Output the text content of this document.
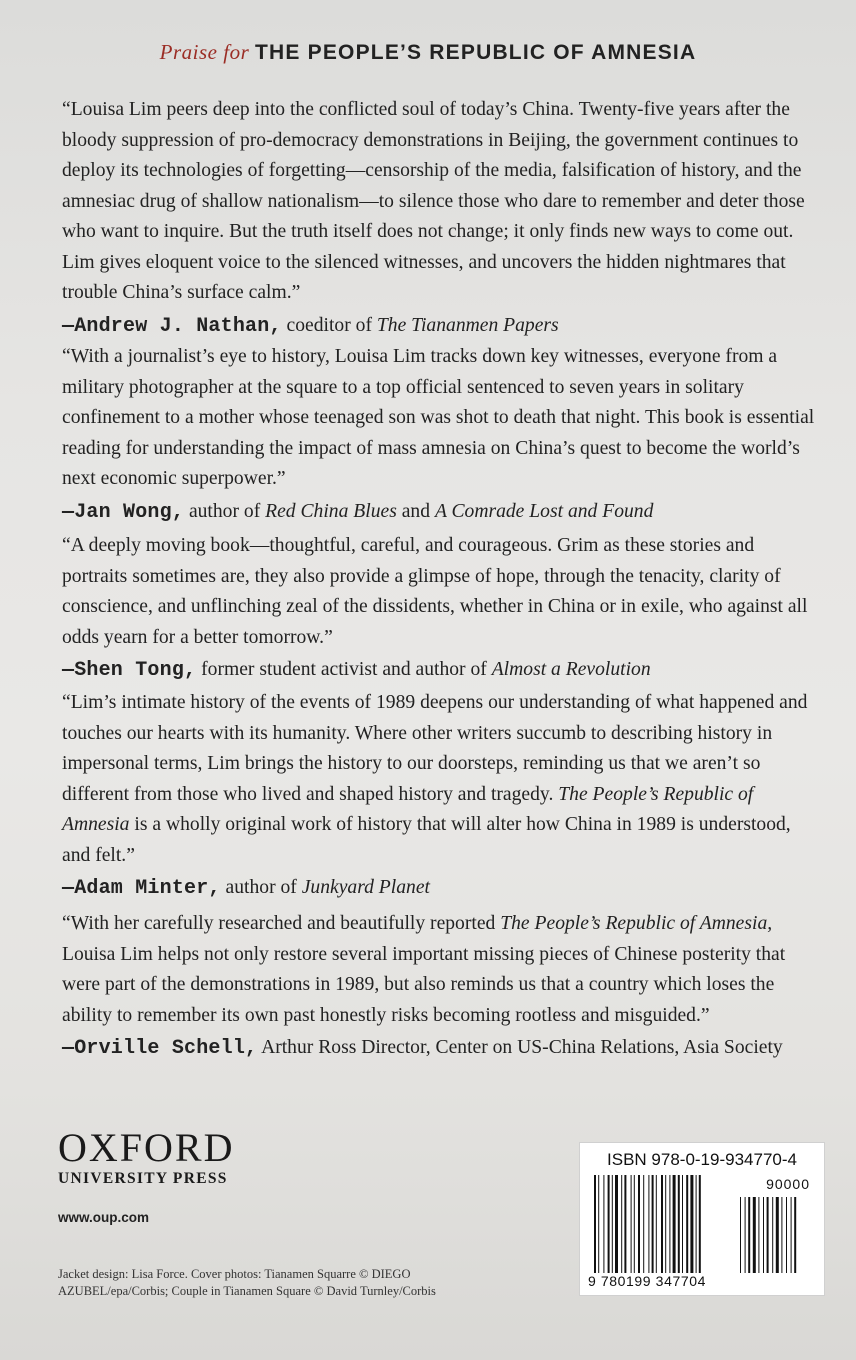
Praise for THE PEOPLE’S REPUBLIC OF AMNESIA

“Louisa Lim peers deep into the conflicted soul of today’s China. Twenty-five years after the bloody suppression of pro-democracy demonstrations in Beijing, the government continues to deploy its technologies of forgetting—censorship of the media, falsification of history, and the amnesiac drug of shallow nationalism—to silence those who dare to remember and deter those who want to inquire. But the truth itself does not change; it only finds new ways to come out. Lim gives eloquent voice to the silenced witnesses, and uncovers the hidden nightmares that trouble China’s surface calm.”

—Andrew J. Nathan, coeditor of The Tiananmen Papers

“With a journalist’s eye to history, Louisa Lim tracks down key witnesses, everyone from a military photographer at the square to a top official sentenced to seven years in solitary confinement to a mother whose teenaged son was shot to death that night. This book is essential reading for understanding the impact of mass amnesia on China’s quest to become the world’s next economic superpower.”

—Jan Wong, author of Red China Blues and A Comrade Lost and Found

“A deeply moving book—thoughtful, careful, and courageous. Grim as these stories and portraits sometimes are, they also provide a glimpse of hope, through the tenacity, clarity of conscience, and unflinching zeal of the dissidents, whether in China or in exile, who against all odds yearn for a better tomorrow.”

—Shen Tong, former student activist and author of Almost a Revolution

“Lim’s intimate history of the events of 1989 deepens our understanding of what happened and touches our hearts with its humanity. Where other writers succumb to describing history in impersonal terms, Lim brings the history to our doorsteps, reminding us that we aren’t so different from those who lived and shaped history and tragedy. The People’s Republic of Amnesia is a wholly original work of history that will alter how China in 1989 is understood, and felt.”

—Adam Minter, author of Junkyard Planet

“With her carefully researched and beautifully reported The People’s Republic of Amnesia, Louisa Lim helps not only restore several important missing pieces of Chinese posterity that were part of the demonstrations in 1989, but also reminds us that a country which loses the ability to remember its own past honestly risks becoming rootless and misguided.”

—Orville Schell, Arthur Ross Director, Center on US-China Relations, Asia Society
OXFORD
UNIVERSITY PRESS
www.oup.com
Jacket design: Lisa Force. Cover photos: Tianamen Squarre © DIEGO AZUBEL/epa/Corbis; Couple in Tianamen Square © David Turnley/Corbis
ISBN 978-0-19-934770-4
90000
9 780199 347704
